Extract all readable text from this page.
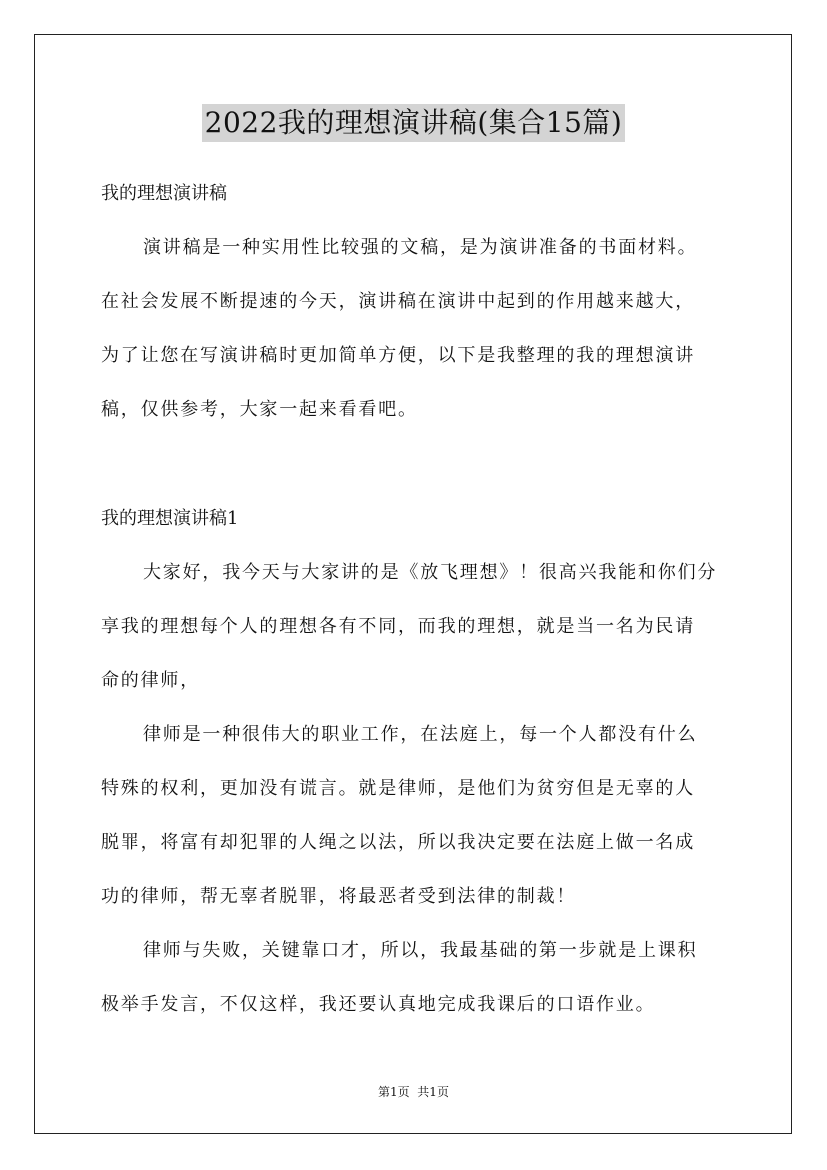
2022我的理想演讲稿(集合15篇)
我的理想演讲稿
演讲稿是一种实用性比较强的文稿，是为演讲准备的书面材料。
在社会发展不断提速的今天，演讲稿在演讲中起到的作用越来越大，
为了让您在写演讲稿时更加简单方便，以下是我整理的我的理想演讲
稿，仅供参考，大家一起来看看吧。
我的理想演讲稿1
大家好，我今天与大家讲的是《放飞理想》！很高兴我能和你们分
享我的理想每个人的理想各有不同，而我的理想，就是当一名为民请
命的律师，
律师是一种很伟大的职业工作，在法庭上，每一个人都没有什么
特殊的权利，更加没有谎言。就是律师，是他们为贫穷但是无辜的人
脱罪，将富有却犯罪的人绳之以法，所以我决定要在法庭上做一名成
功的律师，帮无辜者脱罪，将最恶者受到法律的制裁！
律师与失败，关键靠口才，所以，我最基础的第一步就是上课积
极举手发言，不仅这样，我还要认真地完成我课后的口语作业。
第1页  共1页
